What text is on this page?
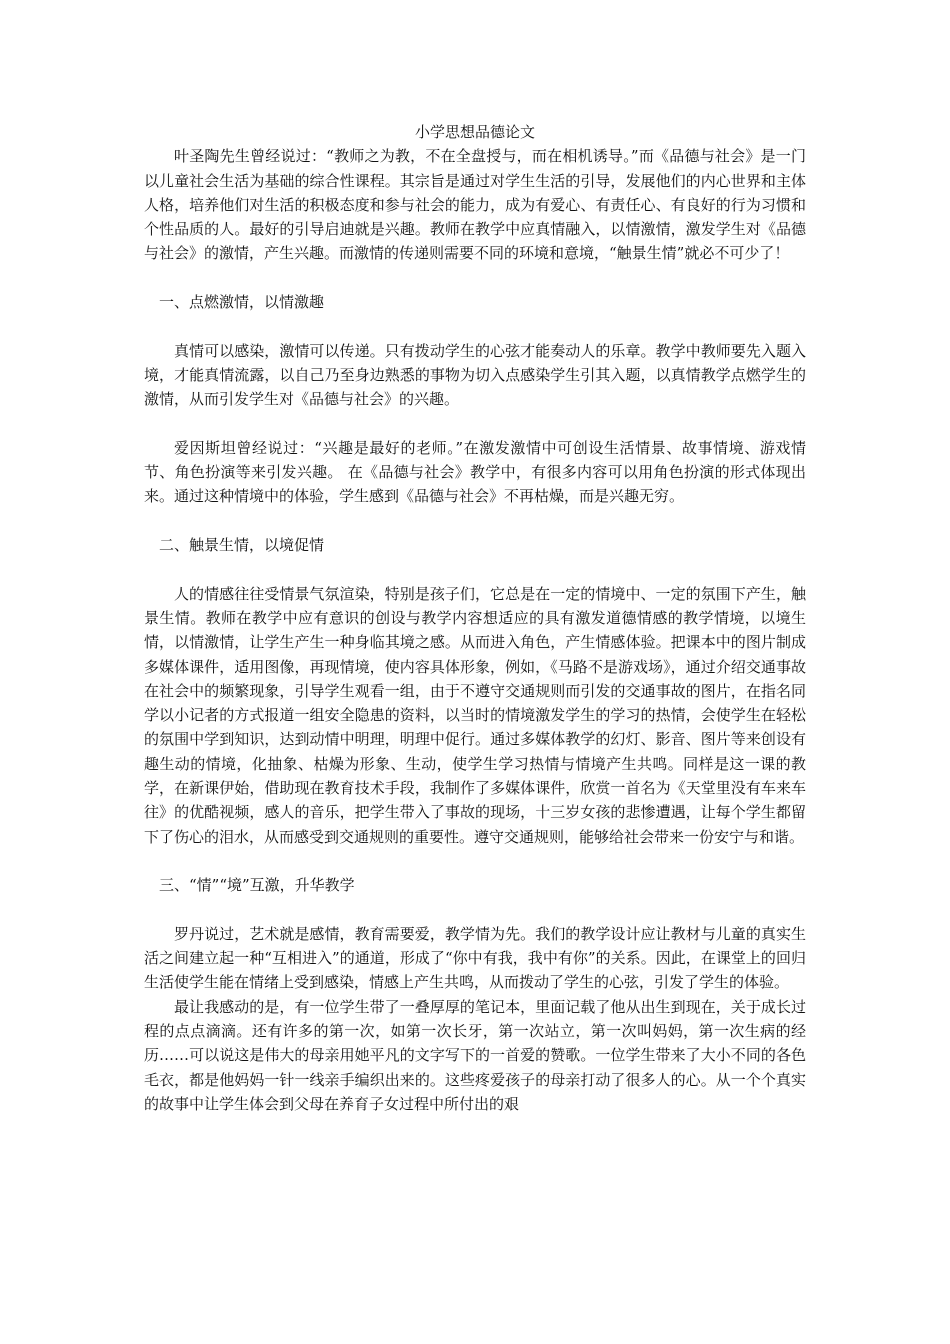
小学思想品德论文

叶圣陶先生曾经说过：“教师之为教，不在全盘授与，而在相机诱导。”而《品德与社会》是一门以儿童社会生活为基础的综合性课程。其宗旨是通过对学生生活的引导，发展他们的内心世界和主体人格，培养他们对生活的积极态度和参与社会的能力，成为有爱心、有责任心、有良好的行为习惯和个性品质的人。最好的引导启迪就是兴趣。教师在教学中应真情融入，以情激情，激发学生对《品德与社会》的激情，产生兴趣。而激情的传递则需要不同的环境和意境，“触景生情”就必不可少了！

一、点燃激情，以情激趣

真情可以感染，激情可以传递。只有拨动学生的心弦才能奏动人的乐章。教学中教师要先入题入境，才能真情流露，以自己乃至身边熟悉的事物为切入点感染学生引其入题，以真情教学点燃学生的激情，从而引发学生对《品德与社会》的兴趣。

爱因斯坦曾经说过：“兴趣是最好的老师。”在激发激情中可创设生活情景、故事情境、游戏情节、角色扮演等来引发兴趣。 在《品德与社会》教学中，有很多内容可以用角色扮演的形式体现出来。通过这种情境中的体验，学生感到《品德与社会》不再枯燥，而是兴趣无穷。

二、触景生情，以境促情

人的情感往往受情景气氛渲染，特别是孩子们，它总是在一定的情境中、一定的氛围下产生，触景生情。教师在教学中应有意识的创设与教学内容想适应的具有激发道德情感的教学情境，以境生情，以情激情，让学生产生一种身临其境之感。从而进入角色，产生情感体验。把课本中的图片制成多媒体课件，适用图像，再现情境，使内容具体形象，例如，《马路不是游戏场》，通过介绍交通事故在社会中的频繁现象，引导学生观看一组，由于不遵守交通规则而引发的交通事故的图片，在指名同学以小记者的方式报道一组安全隐患的资料，以当时的情境激发学生的学习的热情，会使学生在轻松的氛围中学到知识，达到动情中明理，明理中促行。通过多媒体教学的幻灯、影音、图片等来创设有趣生动的情境，化抽象、枯燥为形象、生动，使学生学习热情与情境产生共鸣。同样是这一课的教学，在新课伊始，借助现在教育技术手段，我制作了多媒体课件，欣赏一首名为《天堂里没有车来车往》的优酷视频，感人的音乐，把学生带入了事故的现场，十三岁女孩的悲惨遭遇，让每个学生都留下了伤心的泪水，从而感受到交通规则的重要性。遵守交通规则，能够给社会带来一份安宁与和谐。

三、“情”“境”互激，升华教学

罗丹说过，艺术就是感情，教育需要爱，教学情为先。我们的教学设计应让教材与儿童的真实生活之间建立起一种“互相进入”的通道，形成了“你中有我，我中有你”的关系。因此，在课堂上的回归生活使学生能在情绪上受到感染，情感上产生共鸣，从而拨动了学生的心弦，引发了学生的体验。

最让我感动的是，有一位学生带了一叠厚厚的笔记本，里面记载了他从出生到现在，关于成长过程的点点滴滴。还有许多的第一次，如第一次长牙，第一次站立，第一次叫妈妈，第一次生病的经历……可以说这是伟大的母亲用她平凡的文字写下的一首爱的赞歌。一位学生带来了大小不同的各色毛衣，都是他妈妈一针一线亲手编织出来的。这些疼爱孩子的母亲打动了很多人的心。从一个个真实的故事中让学生体会到父母在养育子女过程中所付出的艰
